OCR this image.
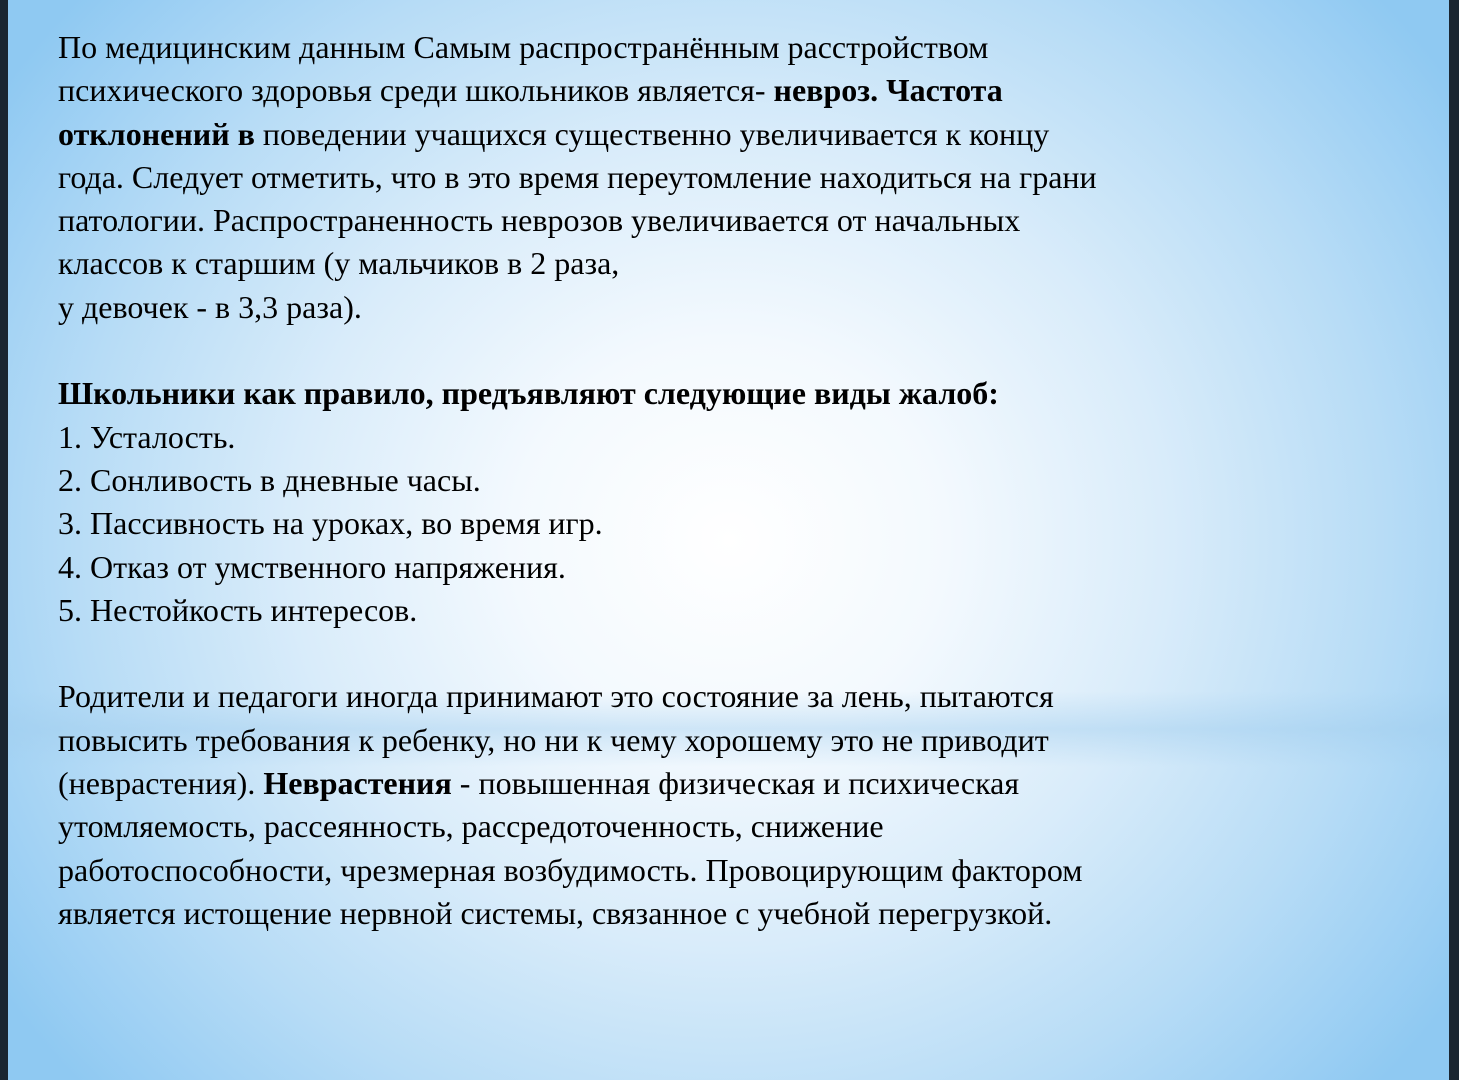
По медицинским данным Самым распространённым расстройством

психического здоровья среди школьников является- невроз. Частота

отклонений в поведении учащихся существенно увеличивается к концу

года. Следует отметить, что в это время переутомление находиться на грани

патологии. Распространенность неврозов увеличивается от начальных

классов к старшим (у мальчиков в 2 раза,

у девочек - в 3,3 раза).

Школьники как правило, предъявляют следующие виды жалоб:

1. Усталость.

2. Сонливость в дневные часы.

3. Пассивность на уроках, во время игр.

4. Отказ от умственного напряжения.

5. Нестойкость интересов.

Родители и педагоги иногда принимают это состояние за лень, пытаются

повысить требования к ребенку, но ни к чему хорошему это не приводит

(неврастения). Неврастения - повышенная физическая и психическая

утомляемость, рассеянность, рассредоточенность, снижение

работоспособности, чрезмерная возбудимость. Провоцирующим фактором

является истощение нервной системы, связанное с учебной перегрузкой.
